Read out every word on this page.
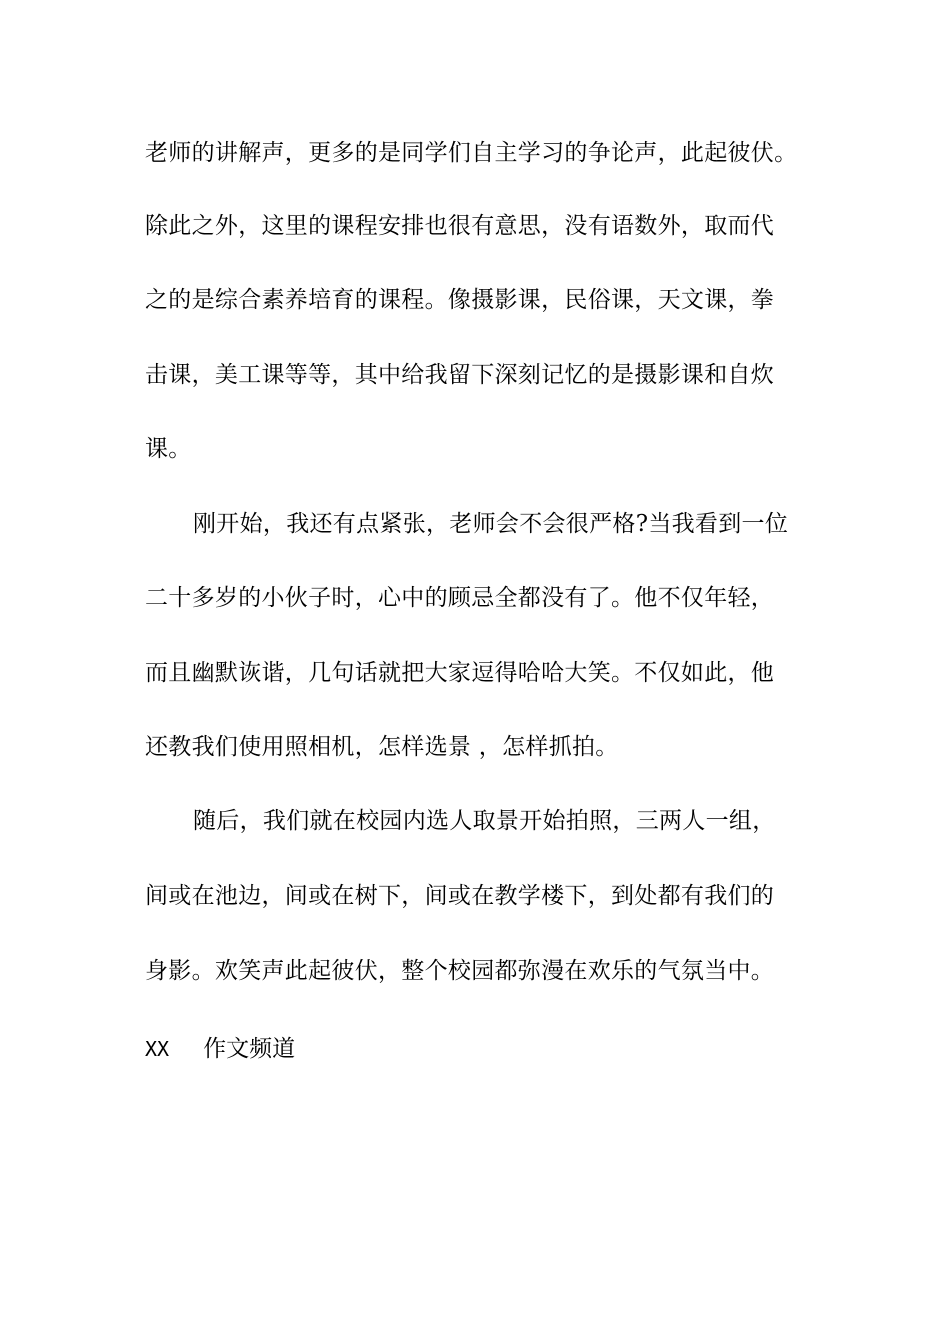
老师的讲解声，更多的是同学们自主学习的争论声，此起彼伏。
除此之外，这里的课程安排也很有意思，没有语数外，取而代
之的是综合素养培育的课程。像摄影课，民俗课，天文课，拳
击课，美工课等等，其中给我留下深刻记忆的是摄影课和自炊
课。
刚开始，我还有点紧张，老师会不会很严格?当我看到一位
二十多岁的小伙子时，心中的顾忌全都没有了。他不仅年轻，
而且幽默诙谐，几句话就把大家逗得哈哈大笑。不仅如此，他
还教我们使用照相机，怎样选景 ，怎样抓拍。
随后，我们就在校园内选人取景开始拍照，三两人一组，
间或在池边，间或在树下，间或在教学楼下，到处都有我们的
身影。欢笑声此起彼伏，整个校园都弥漫在欢乐的气氛当中。
XX 作文频道
